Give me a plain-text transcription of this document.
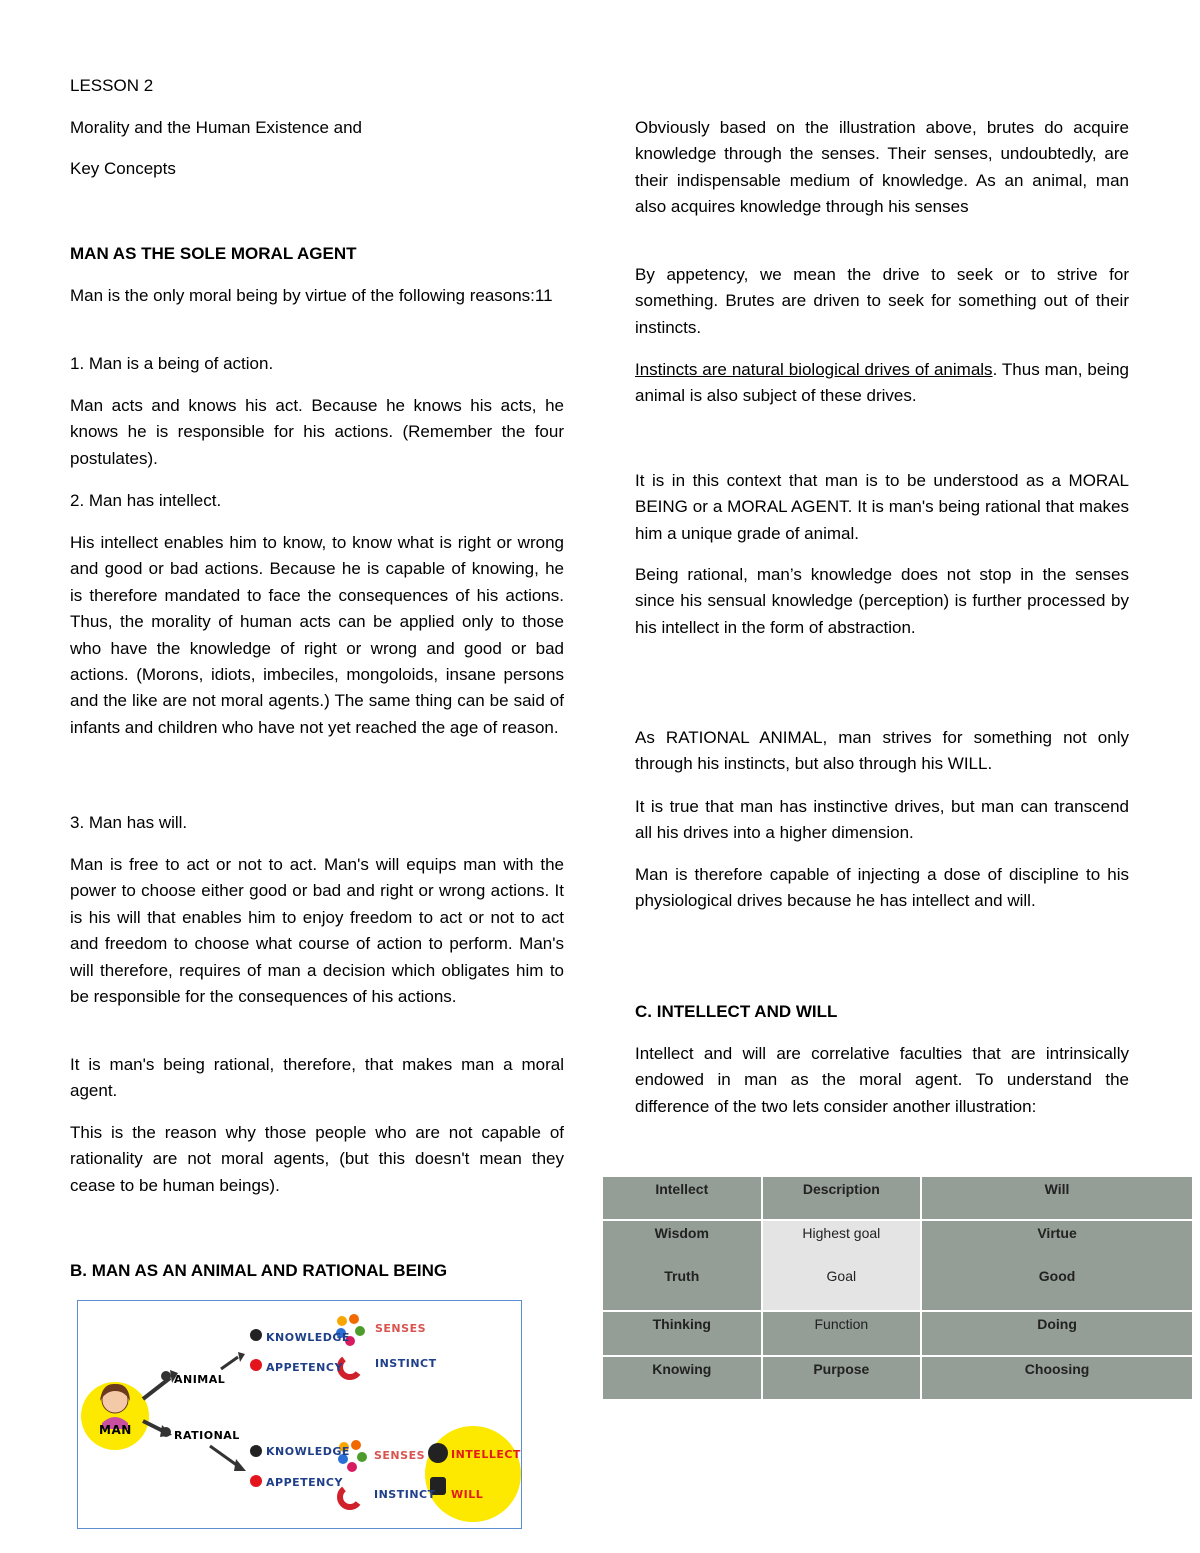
LESSON 2

Morality and the Human Existence and

Key Concepts

MAN AS THE SOLE MORAL AGENT

Man is the only moral being by virtue of the following reasons:11

1. Man is a being of action.

Man acts and knows his act. Because he knows his acts, he knows he is responsible for his actions. (Remember the four postulates).

2. Man has intellect.

His intellect enables him to know, to know what is right or wrong and good or bad actions. Because he is capable of knowing, he is therefore mandated to face the consequences of his actions. Thus, the morality of human acts can be applied only to those who have the knowledge of right or wrong and good or bad actions. (Morons, idiots, imbeciles, mongoloids, insane persons and the like are not moral agents.) The same thing can be said of infants and children who have not yet reached the age of reason.

3. Man has will.

Man is free to act or not to act. Man's will equips man with the power to choose either good or bad and right or wrong actions. It is his will that enables him to enjoy freedom to act or not to act and freedom to choose what course of action to perform. Man's will therefore, requires of man a decision which obligates him to be responsible for the consequences of his actions.

It is man's being rational, therefore, that makes man a moral agent.

This is the reason why those people who are not capable of rationality are not moral agents, (but this doesn't mean they cease to be human beings).

B. MAN AS AN ANIMAL AND RATIONAL BEING

MAN
ANIMAL
RATIONAL
KNOWLEDGE
APPETENCY
SENSES
INSTINCT
KNOWLEDGE
APPETENCY
SENSES
INSTINCT
INTELLECT
WILL

Obviously based on the illustration above, brutes do acquire knowledge through the senses. Their senses, undoubtedly, are their indispensable medium of knowledge. As an animal, man also acquires knowledge through his senses

By appetency, we mean the drive to seek or to strive for something. Brutes are driven to seek for something out of their instincts.

Instincts are natural biological drives of animals. Thus man, being animal is also subject of these drives.

It is in this context that man is to be understood as a MORAL BEING or a MORAL AGENT. It is man's being rational that makes him a unique grade of animal.

Being rational, man’s knowledge does not stop in the senses since his sensual knowledge (perception) is further processed by his intellect in the form of abstraction.

As RATIONAL ANIMAL, man strives for something not only through his instincts, but also through his WILL.

It is true that man has instinctive drives, but man can transcend all his drives into a higher dimension.

Man is therefore capable of injecting a dose of discipline to his physiological drives because he has intellect and will.

C. INTELLECT AND WILL

Intellect and will are correlative faculties that are intrinsically endowed in man as the moral agent. To understand the difference of the two lets consider another illustration:

Intellect	Description	Will
Wisdom	Highest goal	Virtue
Truth	Goal	Good
Thinking	Function	Doing
Knowing	Purpose	Choosing
